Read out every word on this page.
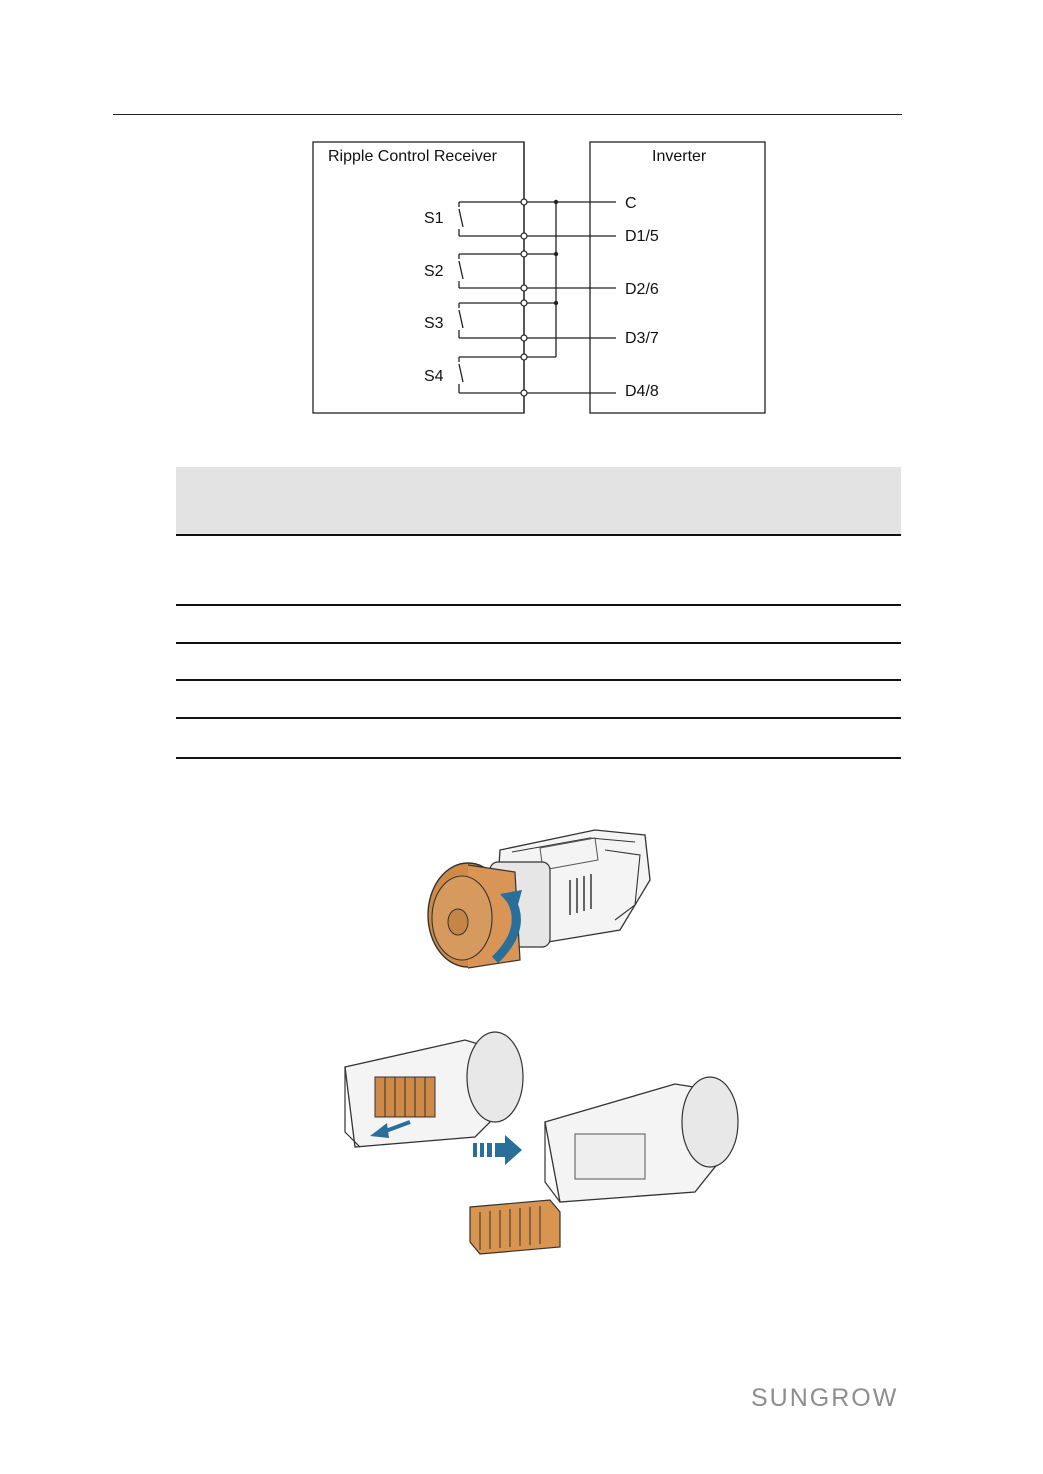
Ripple Control Receiver	Inverter
S1
S2
S3
S4
C
D1/5
D2/6
D3/7
D4/8
SUNGROW
